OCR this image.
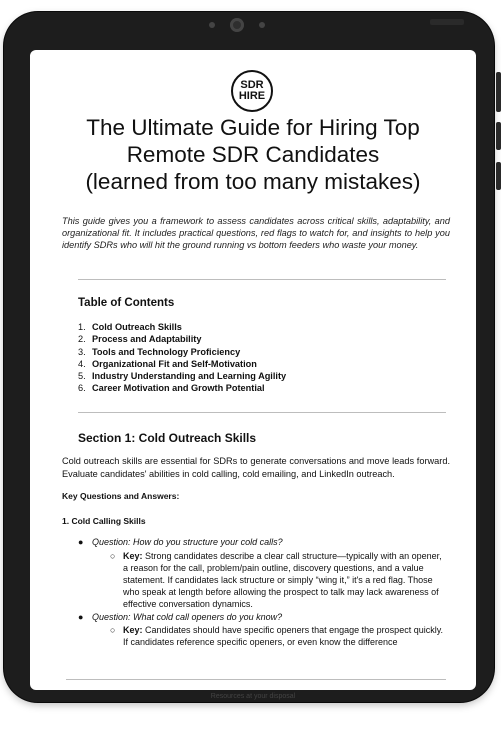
SDR
HIRE
The Ultimate Guide for Hiring Top
Remote SDR Candidates
(learned from too many mistakes)
This guide gives you a framework to assess candidates across critical skills, adaptability, and organizational fit. It includes practical questions, red flags to watch for, and insights to help you identify SDRs who will hit the ground running vs bottom feeders who waste your money.
Table of Contents
1. Cold Outreach Skills
2. Process and Adaptability
3. Tools and Technology Proficiency
4. Organizational Fit and Self-Motivation
5. Industry Understanding and Learning Agility
6. Career Motivation and Growth Potential
Section 1: Cold Outreach Skills
Cold outreach skills are essential for SDRs to generate conversations and move leads forward. Evaluate candidates' abilities in cold calling, cold emailing, and LinkedIn outreach.
Key Questions and Answers:
1. Cold Calling Skills
● Question: How do you structure your cold calls?
○ Key: Strong candidates describe a clear call structure—typically with an opener, a reason for the call, problem/pain outline, discovery questions, and a value statement. If candidates lack structure or simply “wing it,” it's a red flag. Those who speak at length before allowing the prospect to talk may lack awareness of effective conversation dynamics.
● Question: What cold call openers do you know?
○ Key: Candidates should have specific openers that engage the prospect quickly. If candidates reference specific openers, or even know the difference
Resources at your disposal
